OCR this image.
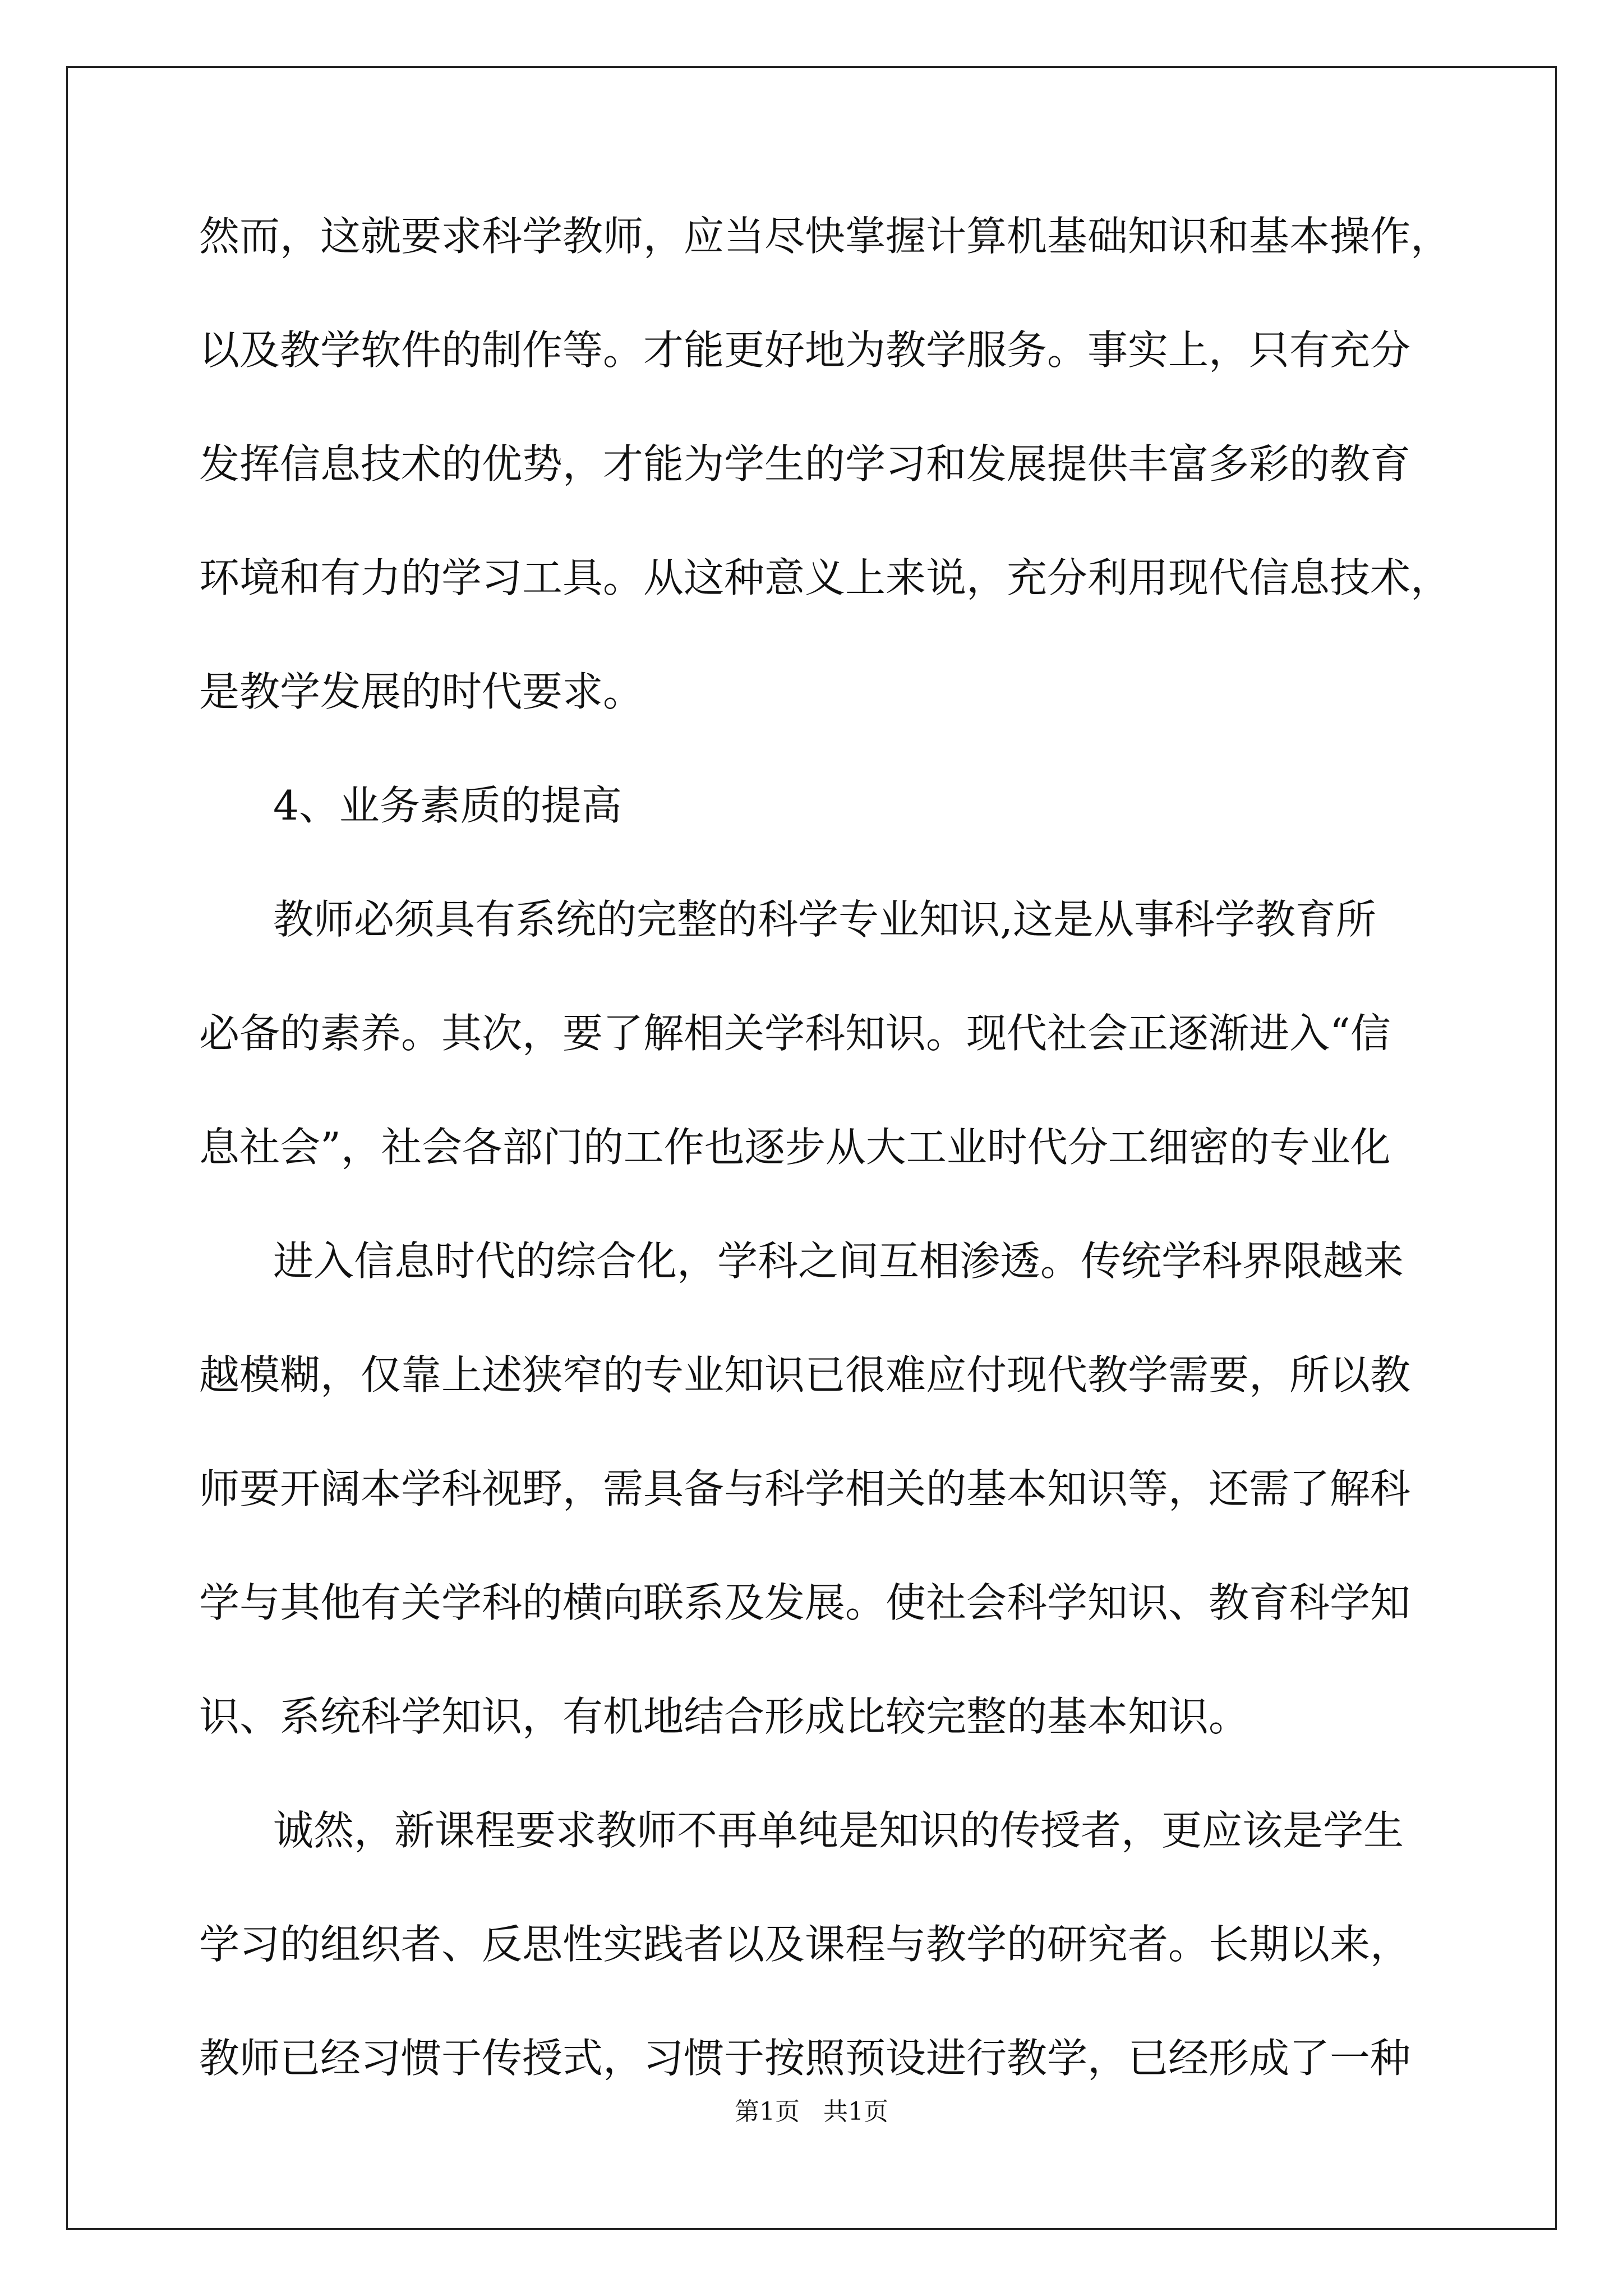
然而，这就要求科学教师，应当尽快掌握计算机基础知识和基本操作，
以及教学软件的制作等。才能更好地为教学服务。事实上，只有充分
发挥信息技术的优势，才能为学生的学习和发展提供丰富多彩的教育
环境和有力的学习工具。从这种意义上来说，充分利用现代信息技术，
是教学发展的时代要求。
4、业务素质的提高
教师必须具有系统的完整的科学专业知识,这是从事科学教育所
必备的素养。其次，要了解相关学科知识。现代社会正逐渐进入“信
息社会”，社会各部门的工作也逐步从大工业时代分工细密的专业化
进入信息时代的综合化，学科之间互相渗透。传统学科界限越来
越模糊，仅靠上述狭窄的专业知识已很难应付现代教学需要，所以教
师要开阔本学科视野，需具备与科学相关的基本知识等，还需了解科
学与其他有关学科的横向联系及发展。使社会科学知识、教育科学知
识、系统科学知识，有机地结合形成比较完整的基本知识。
诚然，新课程要求教师不再单纯是知识的传授者，更应该是学生
学习的组织者、反思性实践者以及课程与教学的研究者。长期以来，
教师已经习惯于传授式，习惯于按照预设进行教学，已经形成了一种
第1页   共1页
